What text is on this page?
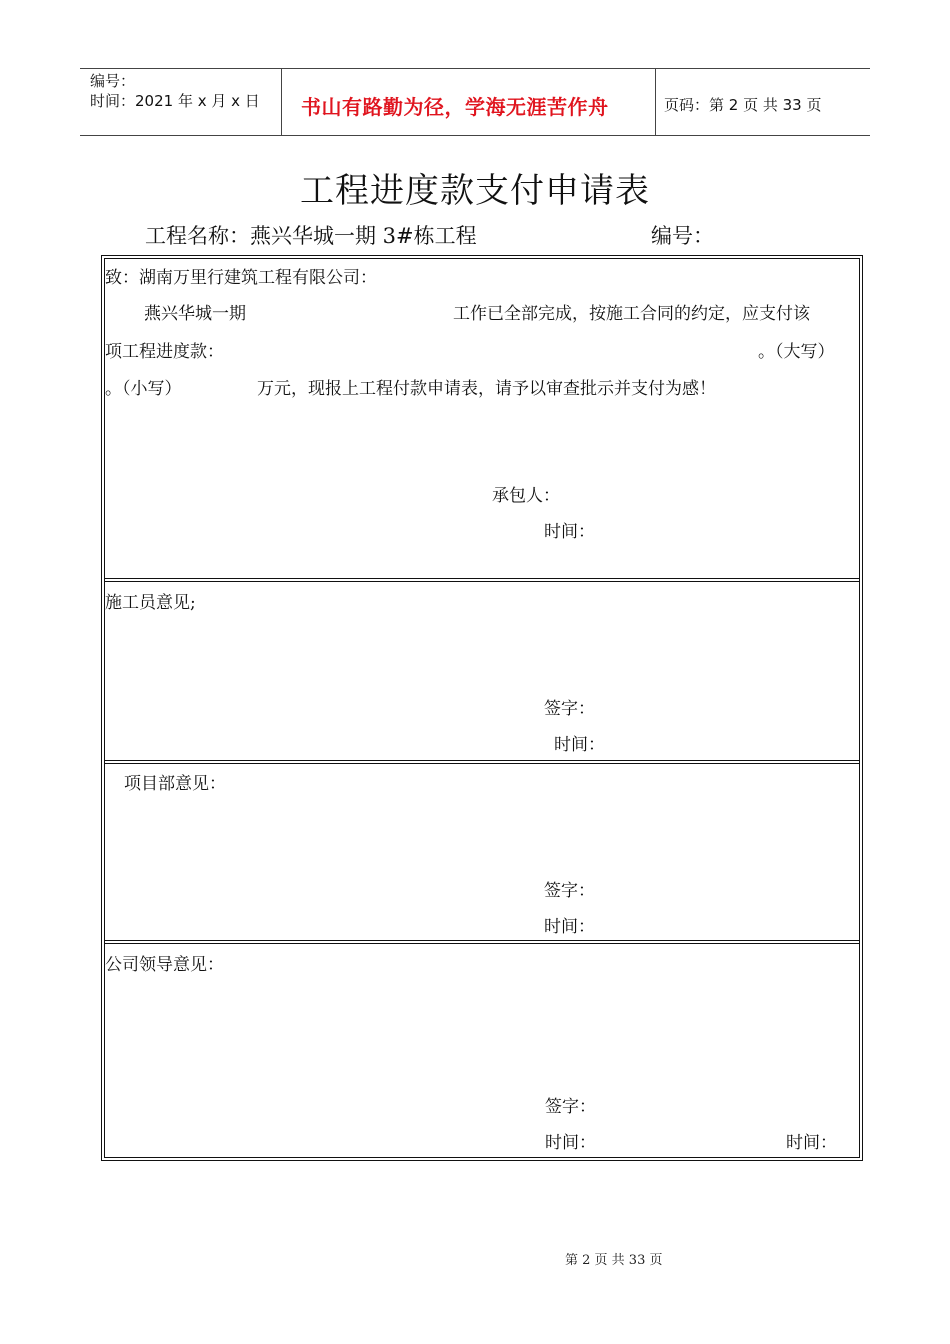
编号：
时间：2021 年 x 月 x 日 书山有路勤为径，学海无涯苦作舟	页码：第 2 页 共 33 页
工程进度款支付申请表
工程名称：燕兴华城一期 3#栋工程	编号：
致：湖南万里行建筑工程有限公司：
燕兴华城一期	工作已全部完成，按施工合同的约定，应支付该
项工程进度款：	。（大写）
。（小写）	万元，现报上工程付款申请表，请予以审查批示并支付为感！
承包人：
时间：
施工员意见;
签字：
时间：
项目部意见：
签字：
时间：
公司领导意见：
签字：
时间：	时间：
第 2 页 共 33 页
